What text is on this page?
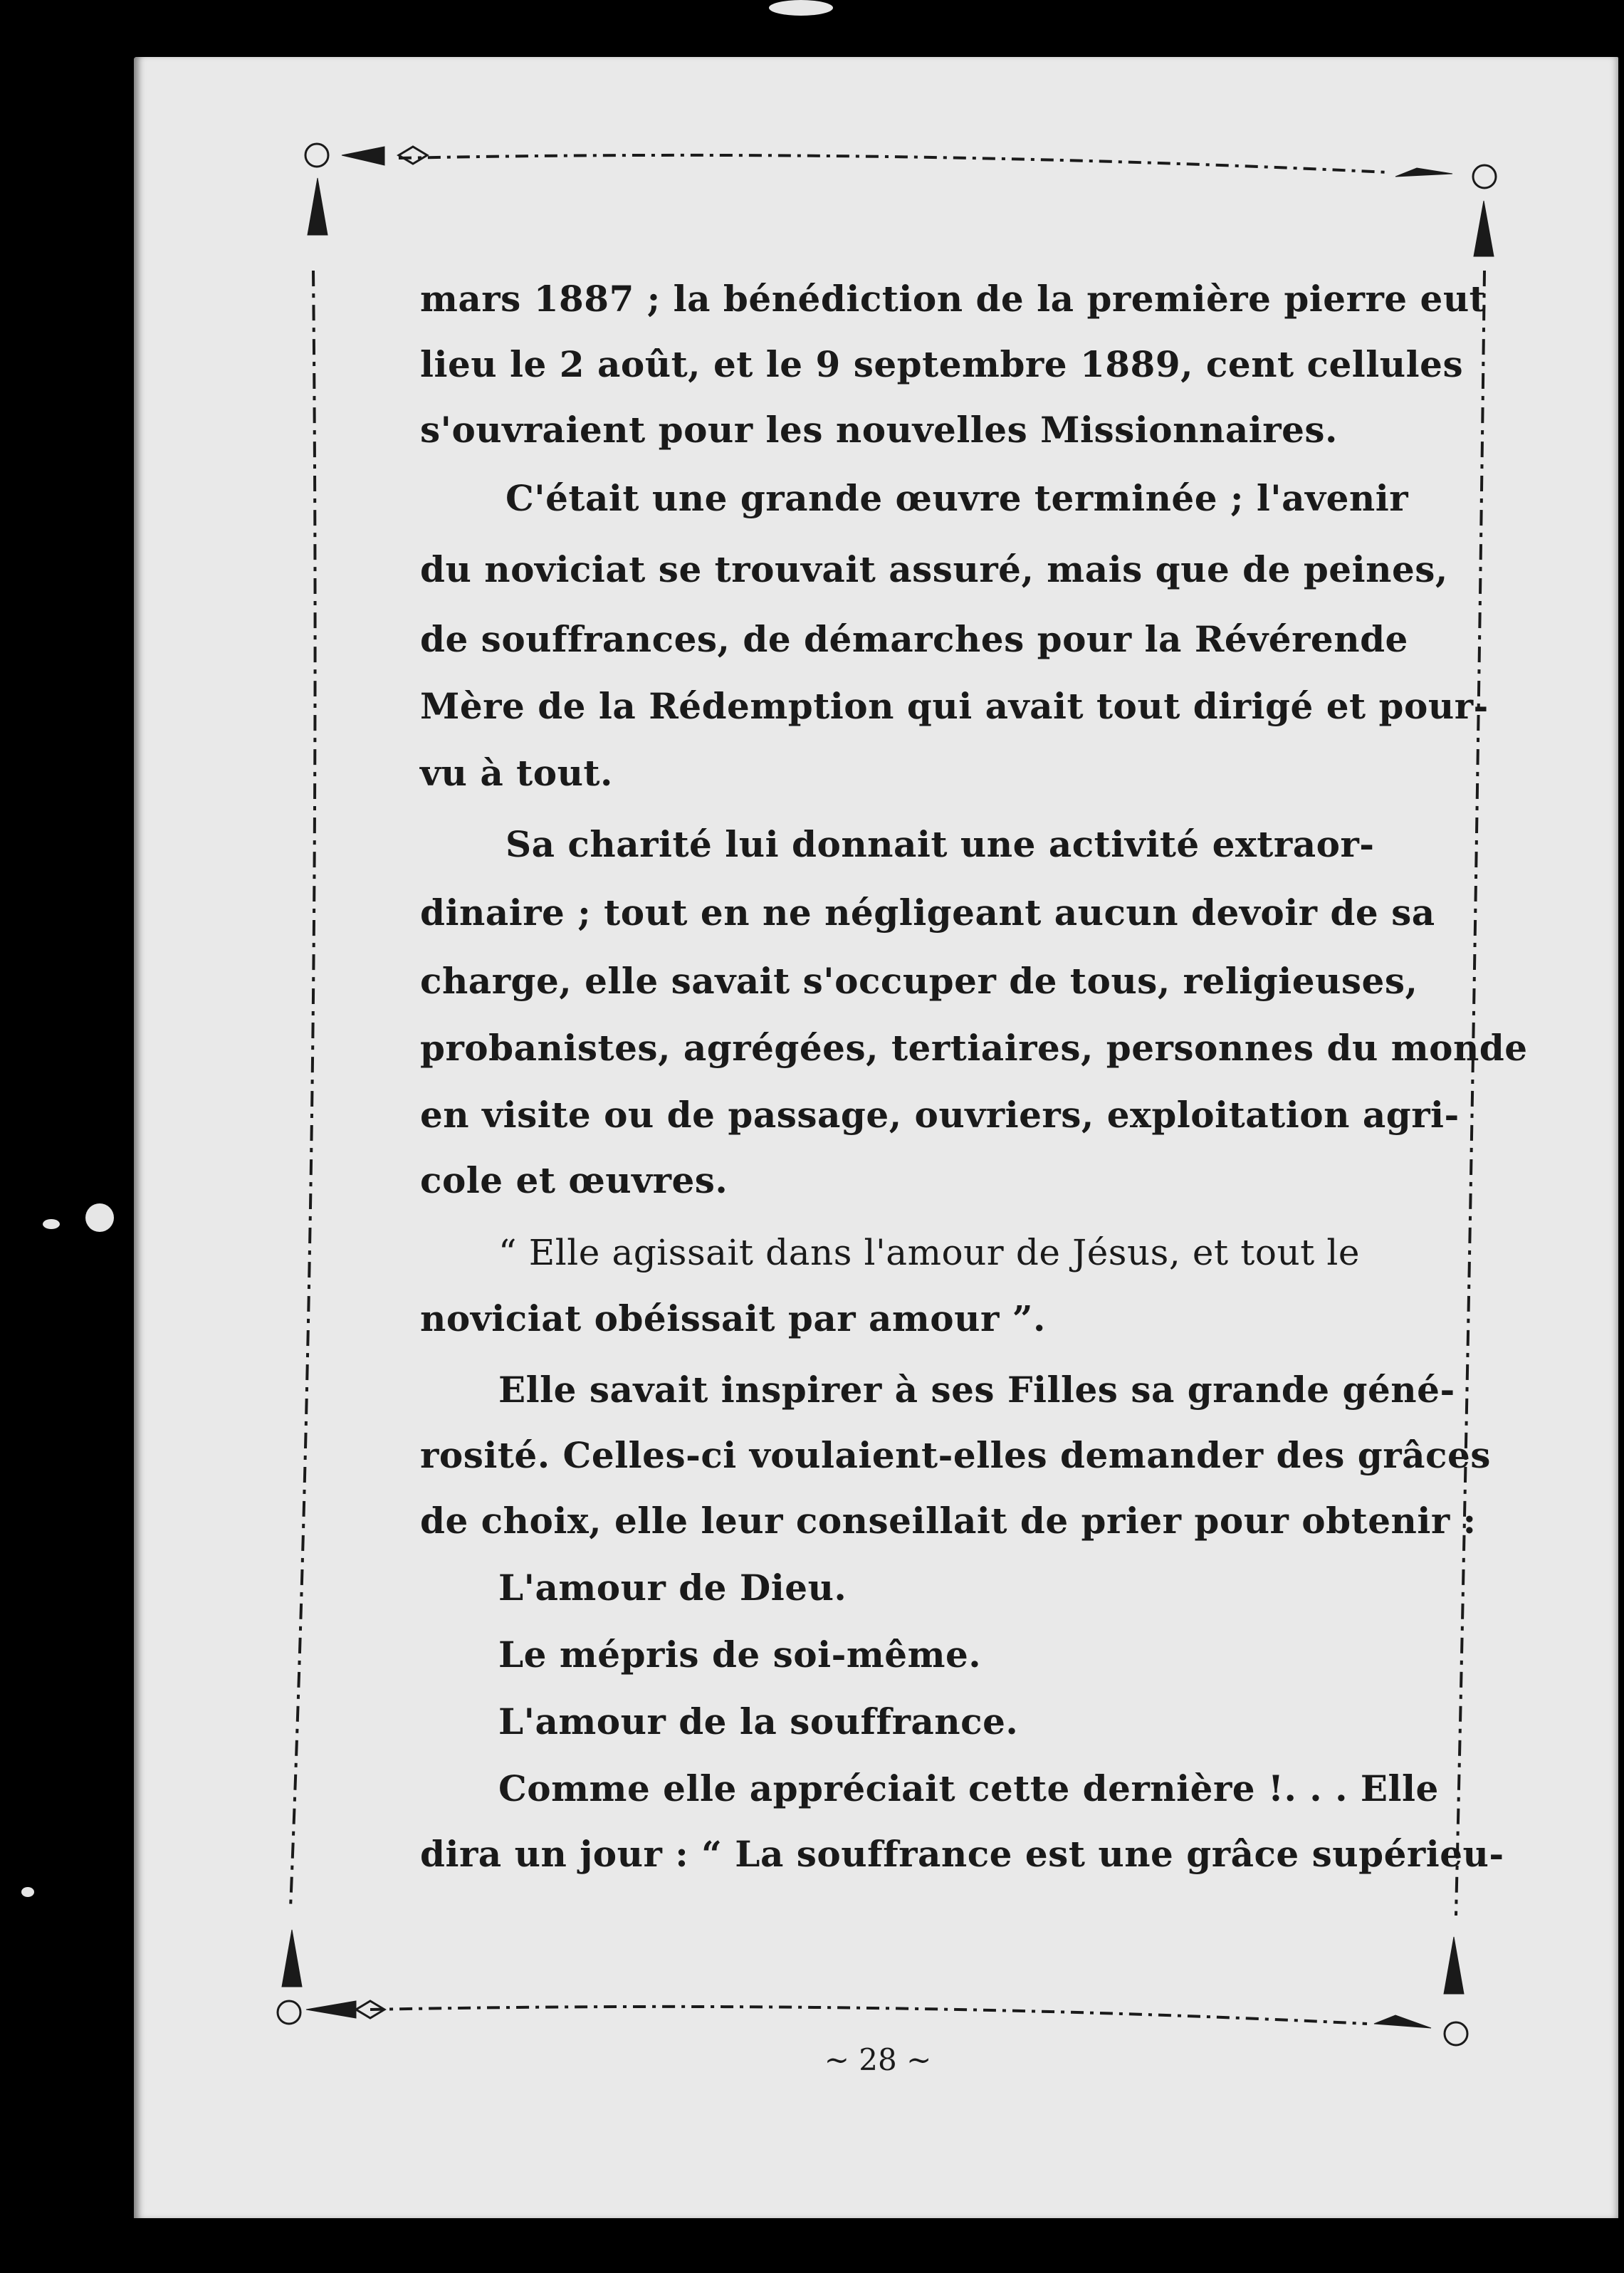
mars 1887 ; la bénédiction de la première pierre eut
lieu le 2 août, et le 9 septembre 1889, cent cellules
s'ouvraient pour les nouvelles Missionnaires.
C'était une grande œuvre terminée ; l'avenir
du noviciat se trouvait assuré, mais que de peines,
de souffrances, de démarches pour la Révérende
Mère de la Rédemption qui avait tout dirigé et pour-
vu à tout.
Sa charité lui donnait une activité extraor-
dinaire ; tout en ne négligeant aucun devoir de sa
charge, elle savait s'occuper de tous, religieuses,
probanistes, agrégées, tertiaires, personnes du monde
en visite ou de passage, ouvriers, exploitation agri-
cole et œuvres.
“ Elle agissait dans l'amour de Jésus, et tout le
noviciat obéissait par amour ”.
Elle savait inspirer à ses Filles sa grande géné-
rosité. Celles-ci voulaient-elles demander des grâces
de choix, elle leur conseillait de prier pour obtenir :
L'amour de Dieu.
Le mépris de soi-même.
L'amour de la souffrance.
Comme elle appréciait cette dernière !. . . Elle
dira un jour : “ La souffrance est une grâce supérieu-
~ 28 ~
